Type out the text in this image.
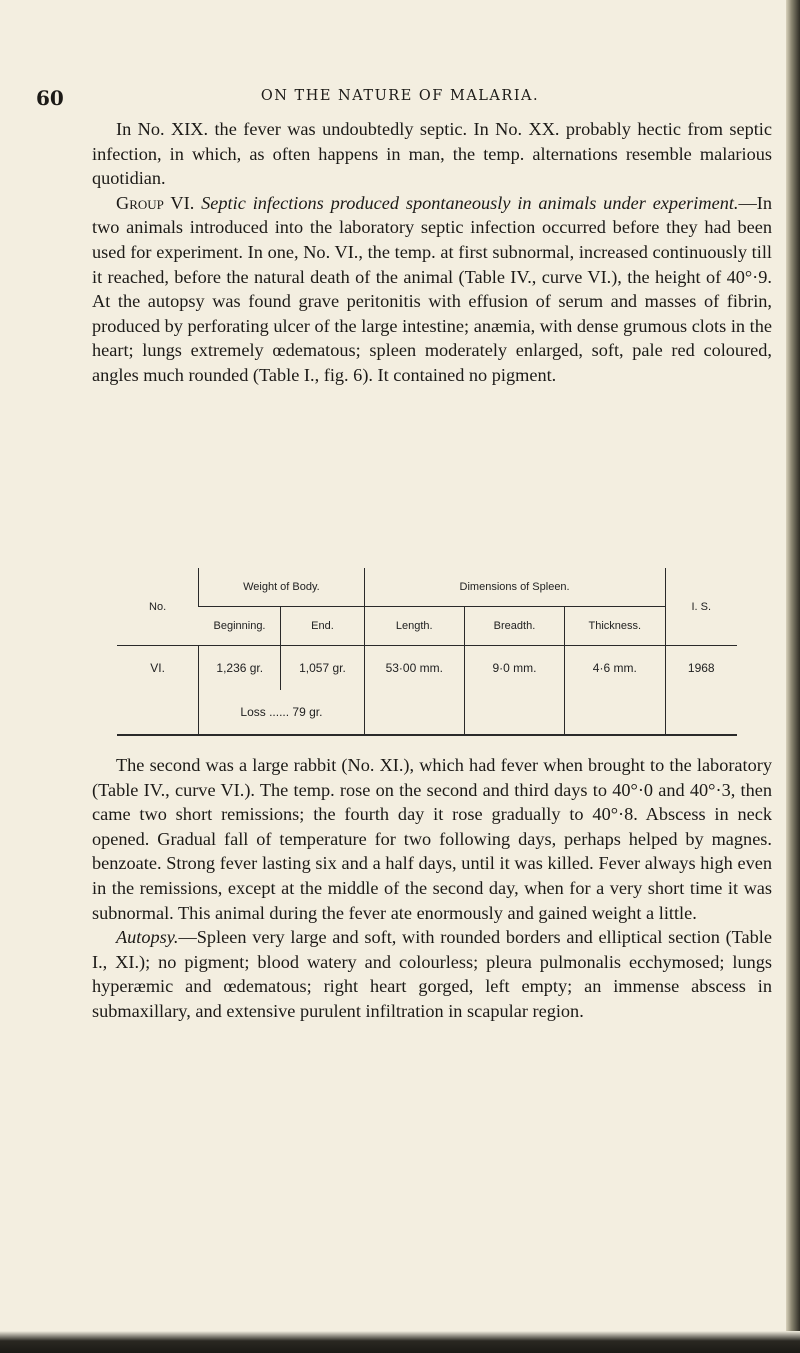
60	ON THE NATURE OF MALARIA.

In No. XIX. the fever was undoubtedly septic. In No. XX. probably hectic from septic infection, in which, as often happens in man, the temp. alternations resemble malarious quotidian.

Group VI. Septic infections produced spontaneously in animals under experiment.—In two animals introduced into the laboratory septic infection occurred before they had been used for experiment. In one, No. VI., the temp. at first subnormal, increased continuously till it reached, before the natural death of the animal (Table IV., curve VI.), the height of 40°·9. At the autopsy was found grave peritonitis with effusion of serum and masses of fibrin, produced by perforating ulcer of the large intestine; anæmia, with dense grumous clots in the heart; lungs extremely œdematous; spleen moderately enlarged, soft, pale red coloured, angles much rounded (Table I., fig. 6). It contained no pigment.

No.	Weight of Body.		Dimensions of Spleen.			I. S.
	Beginning.	End.	Length.	Breadth.	Thickness.	
VI.	1,236 gr.	1,057 gr.	53·00 mm.	9·0 mm.	4·6 mm.	1968
	Loss ...... 79 gr.					

The second was a large rabbit (No. XI.), which had fever when brought to the laboratory (Table IV., curve VI.). The temp. rose on the second and third days to 40°·0 and 40°·3, then came two short remissions; the fourth day it rose gradually to 40°·8. Abscess in neck opened. Gradual fall of temperature for two following days, perhaps helped by magnes. benzoate. Strong fever lasting six and a half days, until it was killed. Fever always high even in the remissions, except at the middle of the second day, when for a very short time it was subnormal. This animal during the fever ate enormously and gained weight a little.

Autopsy.—Spleen very large and soft, with rounded borders and elliptical section (Table I., XI.); no pigment; blood watery and colourless; pleura pulmonalis ecchymosed; lungs hyperæmic and œdematous; right heart gorged, left empty; an immense abscess in submaxillary, and extensive purulent infiltration in scapular region.
